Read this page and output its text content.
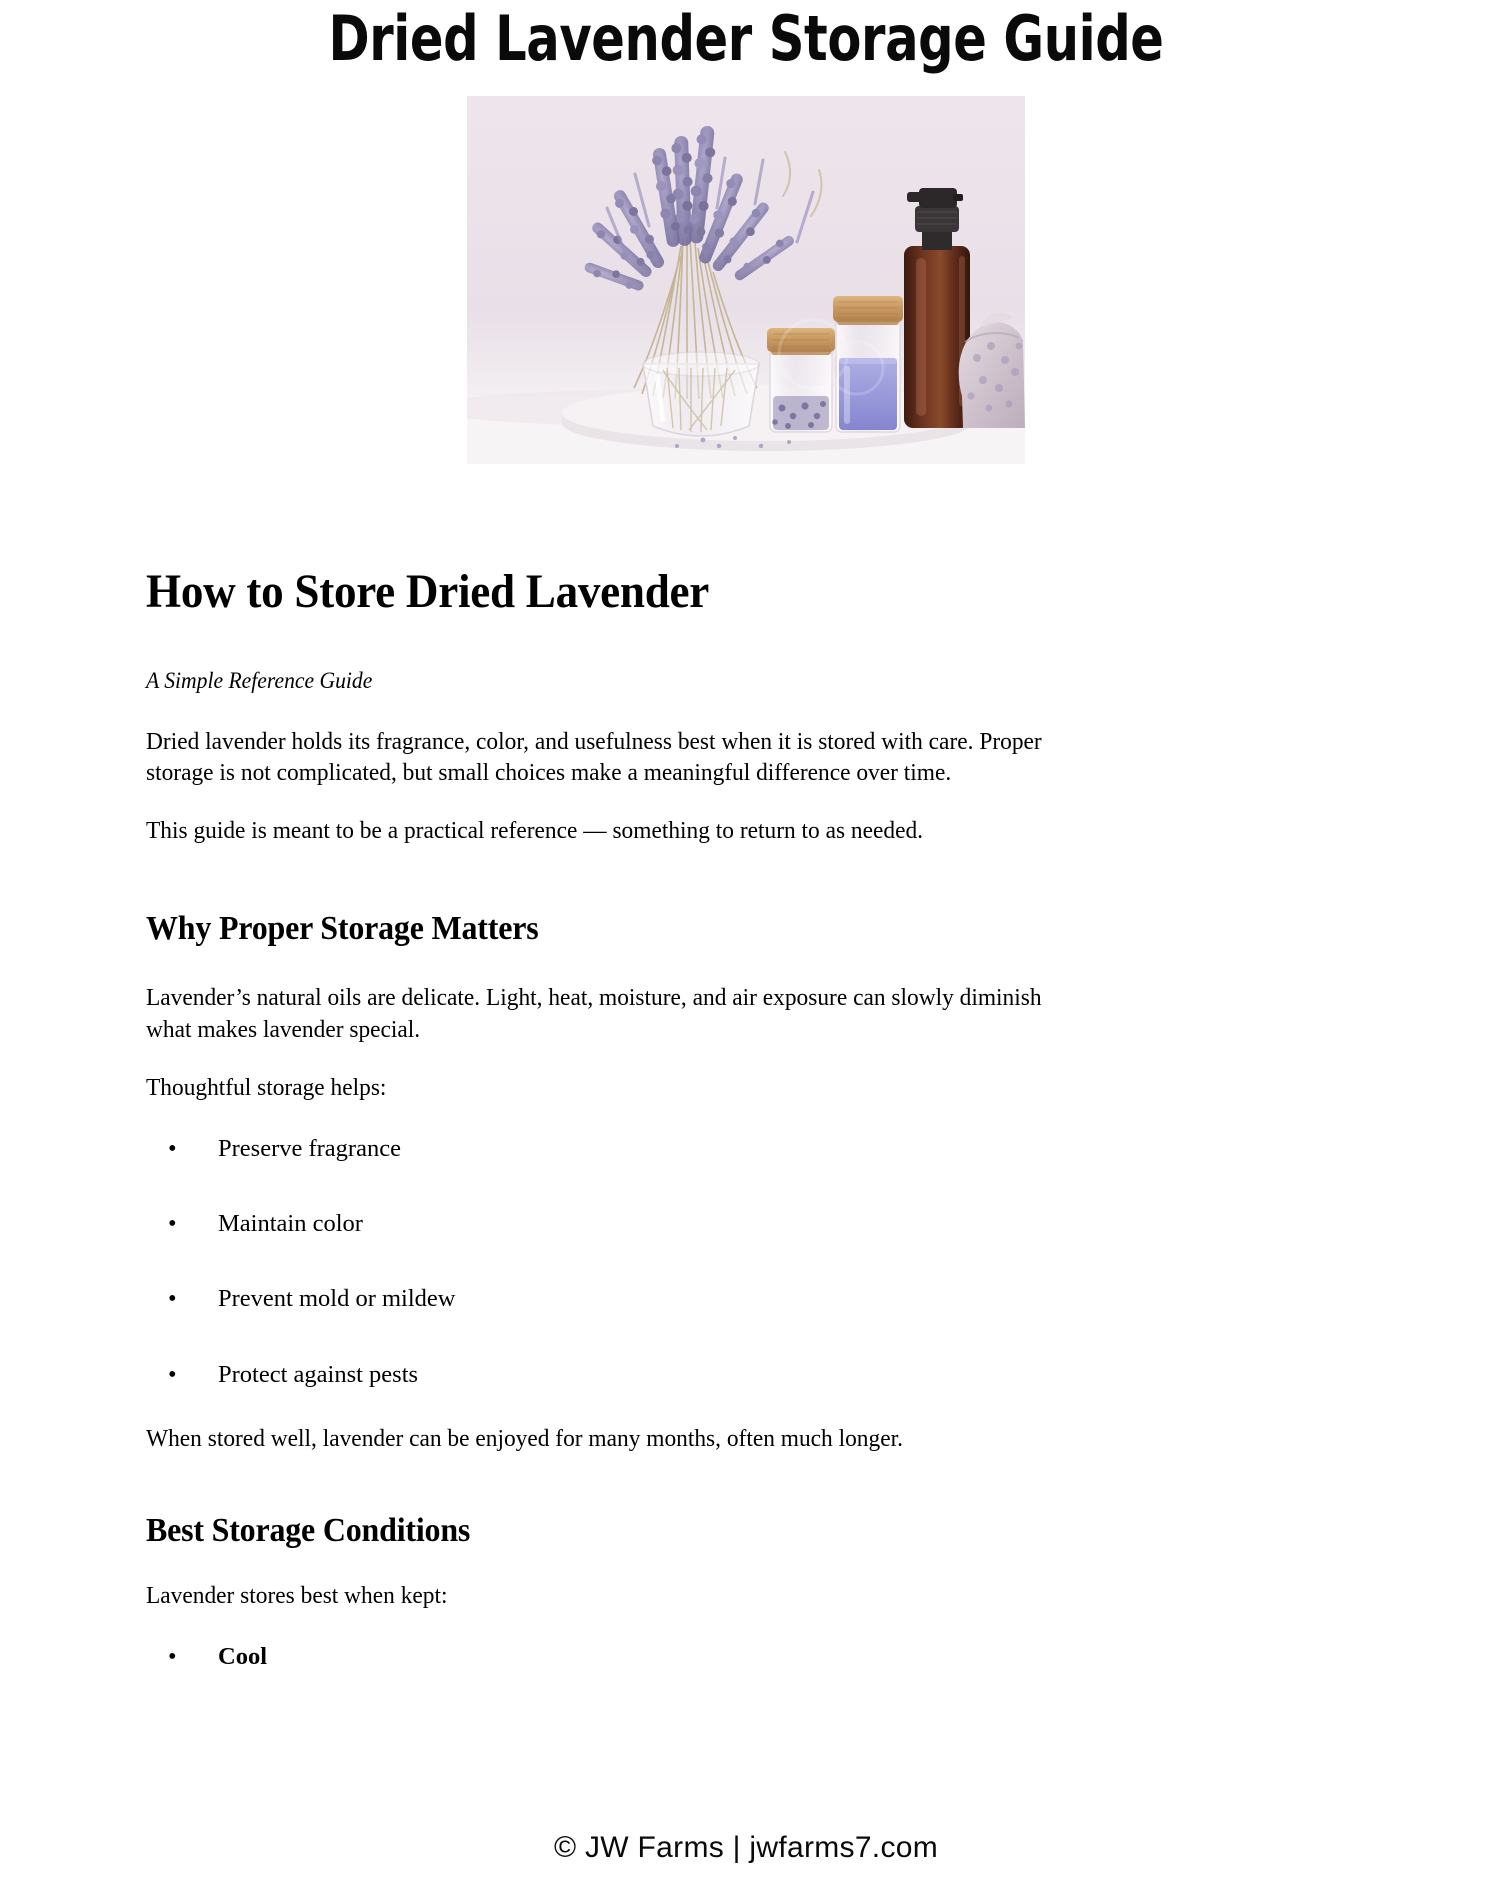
Dried Lavender Storage Guide
How to Store Dried Lavender

A Simple Reference Guide

Dried lavender holds its fragrance, color, and usefulness best when it is stored with care. Proper storage is not complicated, but small choices make a meaningful difference over time.

This guide is meant to be a practical reference — something to return to as needed.

Why Proper Storage Matters

Lavender’s natural oils are delicate. Light, heat, moisture, and air exposure can slowly diminish what makes lavender special.

Thoughtful storage helps:

• Preserve fragrance
• Maintain color
• Prevent mold or mildew
• Protect against pests

When stored well, lavender can be enjoyed for many months, often much longer.

Best Storage Conditions

Lavender stores best when kept:

• Cool
© JW Farms | jwfarms7.com
